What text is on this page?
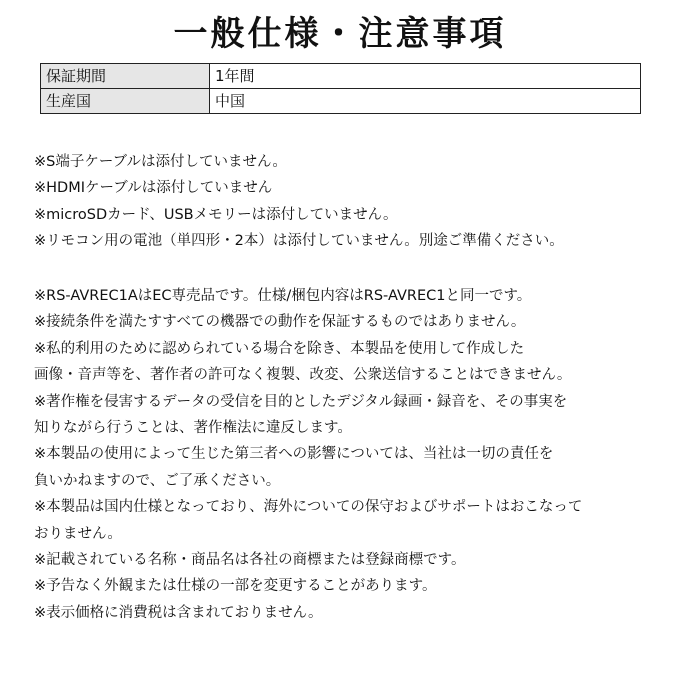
一般仕様・注意事項
保証期間	1年間
生産国	中国
※S端子ケーブルは添付していません。
※HDMIケーブルは添付していません
※microSDカード、USBメモリーは添付していません。
※リモコン用の電池（単四形・2本）は添付していません。別途ご準備ください。
※RS-AVREC1AはEC専売品です。仕様/梱包内容はRS-AVREC1と同一です。
※接続条件を満たすすべての機器での動作を保証するものではありません。
※私的利用のために認められている場合を除き、本製品を使用して作成した
画像・音声等を、著作者の許可なく複製、改変、公衆送信することはできません。
※著作権を侵害するデータの受信を目的としたデジタル録画・録音を、その事実を
知りながら行うことは、著作権法に違反します。
※本製品の使用によって生じた第三者への影響については、当社は一切の責任を
負いかねますので、ご了承ください。
※本製品は国内仕様となっており、海外についての保守およびサポートはおこなって
おりません。
※記載されている名称・商品名は各社の商標または登録商標です。
※予告なく外観または仕様の一部を変更することがあります。
※表示価格に消費税は含まれておりません。
